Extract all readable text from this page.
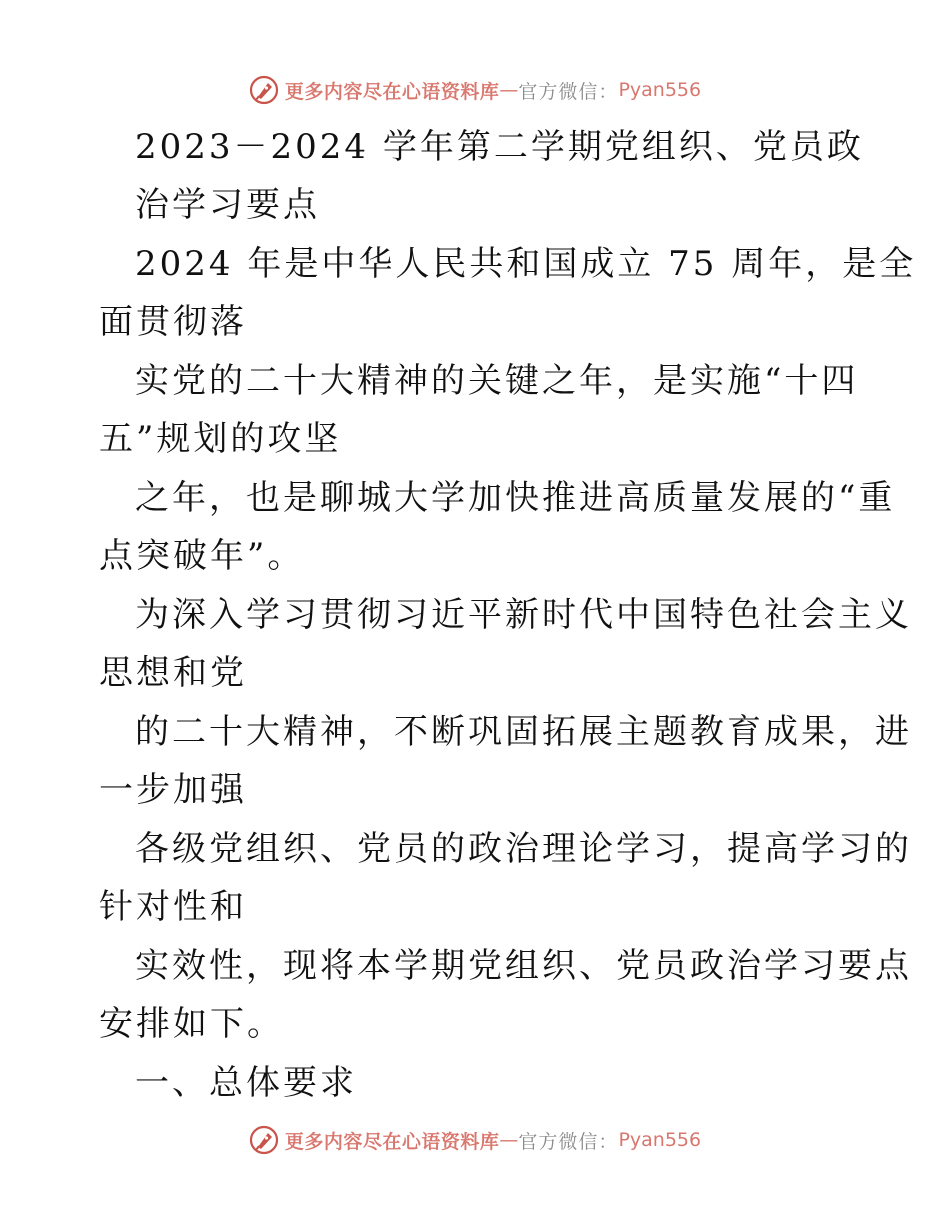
更多内容尽在心语资料库 — 官方微信： Pyan556
2023－2024 学年第二学期党组织、党员政
治学习要点
2024 年是中华人民共和国成立 75 周年，是全
面贯彻落
实党的二十大精神的关键之年，是实施“十四
五”规划的攻坚
之年，也是聊城大学加快推进高质量发展的“重
点突破年”。
为深入学习贯彻习近平新时代中国特色社会主义
思想和党
的二十大精神，不断巩固拓展主题教育成果，进
一步加强
各级党组织、党员的政治理论学习，提高学习的
针对性和
实效性，现将本学期党组织、党员政治学习要点
安排如下。
一、总体要求
更多内容尽在心语资料库 — 官方微信： Pyan556
